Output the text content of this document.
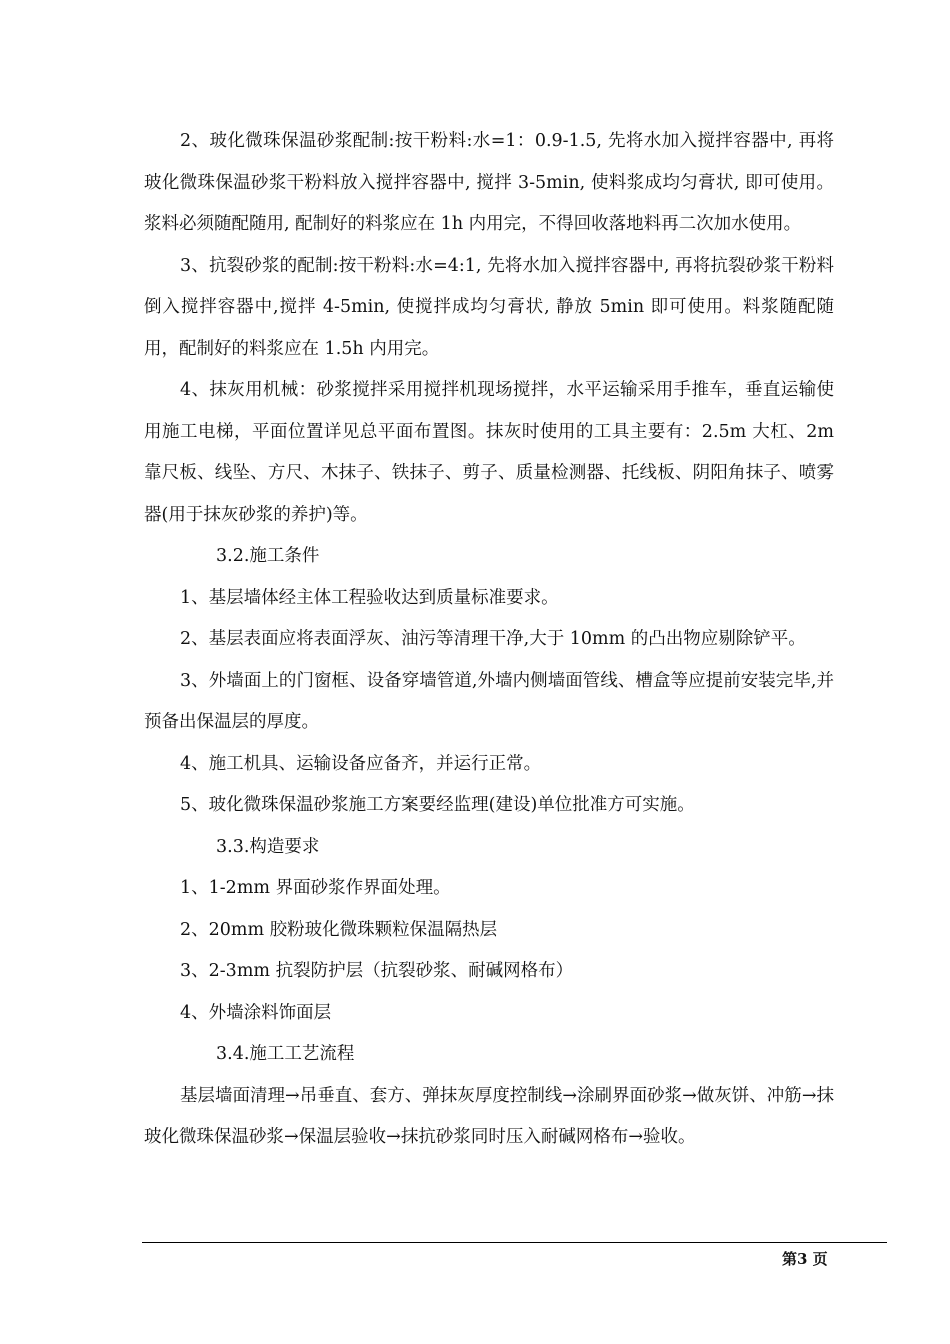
2、玻化微珠保温砂浆配制:按干粉料:水=1：0.9-1.5, 先将水加入搅拌容器中, 再将玻化微珠保温砂浆干粉料放入搅拌容器中, 搅拌 3-5min, 使料浆成均匀膏状, 即可使用。浆料必须随配随用, 配制好的料浆应在 1h 内用完，不得回收落地料再二次加水使用。

3、抗裂砂浆的配制:按干粉料:水=4:1, 先将水加入搅拌容器中, 再将抗裂砂浆干粉料倒入搅拌容器中,搅拌 4-5min, 使搅拌成均匀膏状, 静放 5min 即可使用。料浆随配随用，配制好的料浆应在 1.5h 内用完。

4、抹灰用机械：砂浆搅拌采用搅拌机现场搅拌，水平运输采用手推车，垂直运输使用施工电梯，平面位置详见总平面布置图。抹灰时使用的工具主要有：2.5m 大杠、2m 靠尺板、线坠、方尺、木抹子、铁抹子、剪子、质量检测器、托线板、阴阳角抹子、喷雾器(用于抹灰砂浆的养护)等。

3.2.施工条件

1、基层墙体经主体工程验收达到质量标准要求。

2、基层表面应将表面浮灰、油污等清理干净,大于 10mm 的凸出物应剔除铲平。

3、外墙面上的门窗框、设备穿墙管道,外墙内侧墙面管线、槽盒等应提前安装完毕,并预备出保温层的厚度。

4、施工机具、运输设备应备齐，并运行正常。

5、玻化微珠保温砂浆施工方案要经监理(建设)单位批准方可实施。

3.3.构造要求

1、1-2mm 界面砂浆作界面处理。

2、20mm 胶粉玻化微珠颗粒保温隔热层

3、2-3mm 抗裂防护层（抗裂砂浆、耐碱网格布）

4、外墙涂料饰面层

3.4.施工工艺流程

基层墙面清理→吊垂直、套方、弹抹灰厚度控制线→涂刷界面砂浆→做灰饼、冲筋→抹玻化微珠保温砂浆→保温层验收→抹抗砂浆同时压入耐碱网格布→验收。

第3 页
